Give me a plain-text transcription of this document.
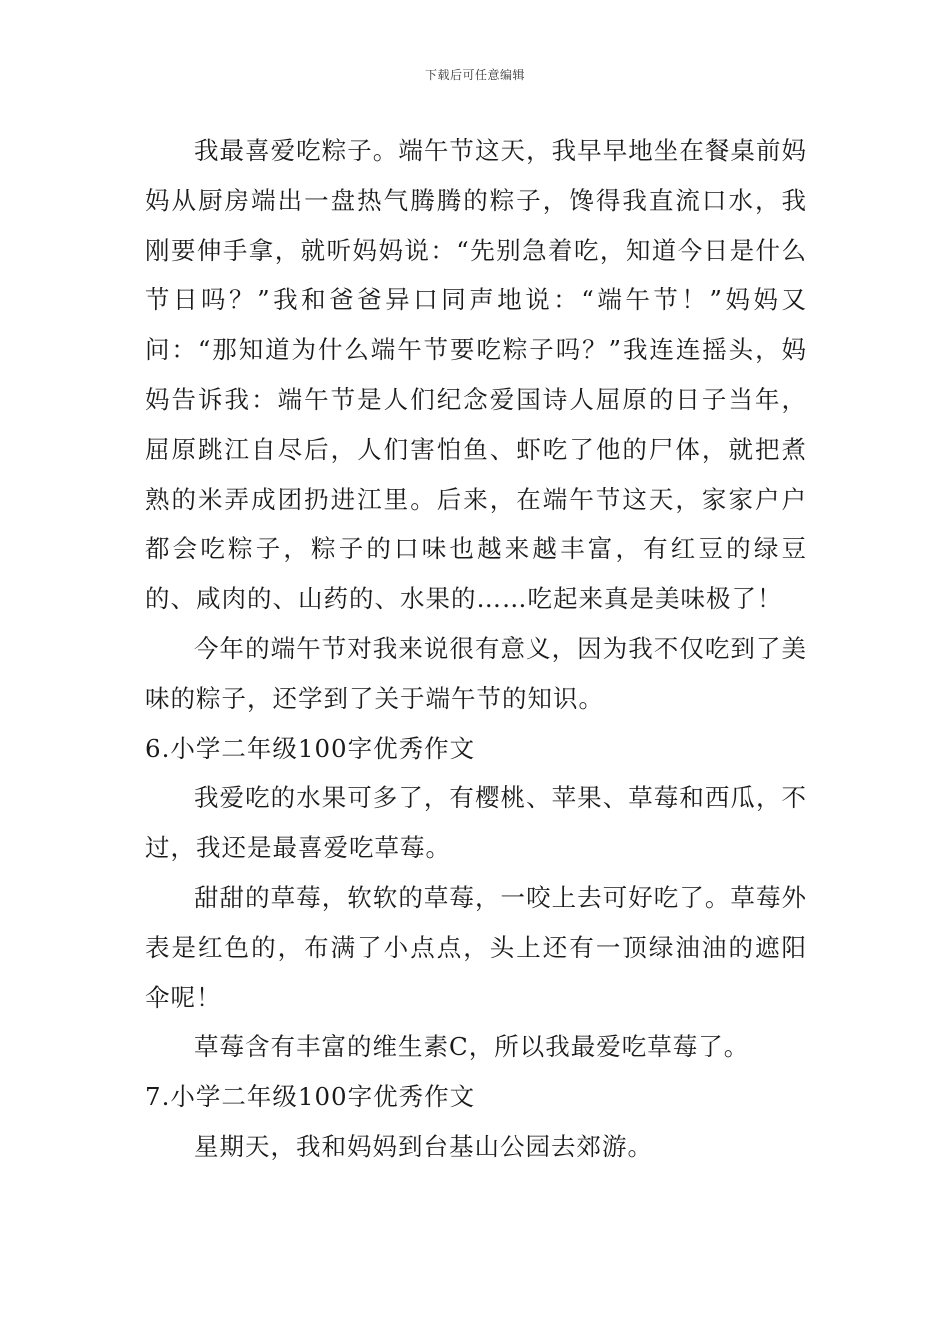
下载后可任意编辑

我最喜爱吃粽子。端午节这天，我早早地坐在餐桌前妈妈从厨房端出一盘热气腾腾的粽子，馋得我直流口水，我刚要伸手拿，就听妈妈说：“先别急着吃，知道今日是什么节日吗？”我和爸爸异口同声地说：“端午节！”妈妈又问：“那知道为什么端午节要吃粽子吗？”我连连摇头，妈妈告诉我：端午节是人们纪念爱国诗人屈原的日子当年，屈原跳江自尽后，人们害怕鱼、虾吃了他的尸体，就把煮熟的米弄成团扔进江里。后来，在端午节这天，家家户户都会吃粽子，粽子的口味也越来越丰富，有红豆的绿豆的、咸肉的、山药的、水果的……吃起来真是美味极了！

今年的端午节对我来说很有意义，因为我不仅吃到了美味的粽子，还学到了关于端午节的知识。

6.小学二年级100字优秀作文

我爱吃的水果可多了，有樱桃、苹果、草莓和西瓜，不过，我还是最喜爱吃草莓。

甜甜的草莓，软软的草莓，一咬上去可好吃了。草莓外表是红色的，布满了小点点，头上还有一顶绿油油的遮阳伞呢！

草莓含有丰富的维生素C，所以我最爱吃草莓了。

7.小学二年级100字优秀作文

星期天，我和妈妈到台基山公园去郊游。
